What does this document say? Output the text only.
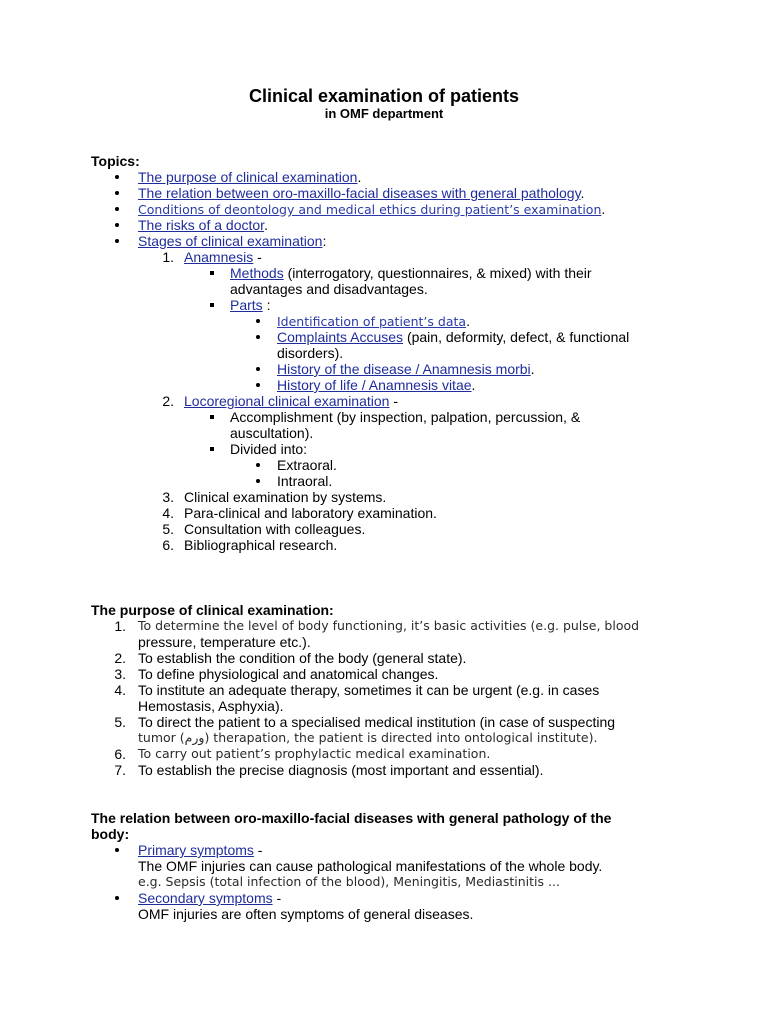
Clinical examination of patients
in OMF department
Topics:
The purpose of clinical examination.
The relation between oro-maxillo-facial diseases with general pathology.
Conditions of deontology and medical ethics during patient’s examination.
The risks of a doctor.
Stages of clinical examination:
1. Anamnesis -
Methods (interrogatory, questionnaires, & mixed) with their
advantages and disadvantages.
Parts :
Identification of patient’s data.
Complaints Accuses (pain, deformity, defect, & functional
disorders).
History of the disease / Anamnesis morbi.
History of life / Anamnesis vitae.
2. Locoregional clinical examination -
Accomplishment (by inspection, palpation, percussion, &
auscultation).
Divided into:
Extraoral.
Intraoral.
3. Clinical examination by systems.
4. Para-clinical and laboratory examination.
5. Consultation with colleagues.
6. Bibliographical research.
The purpose of clinical examination:
1. To determine the level of body functioning, it’s basic activities (e.g. pulse, blood
pressure, temperature etc.).
2. To establish the condition of the body (general state).
3. To define physiological and anatomical changes.
4. To institute an adequate therapy, sometimes it can be urgent (e.g. in cases
Hemostasis, Asphyxia).
5. To direct the patient to a specialised medical institution (in case of suspecting
tumor (ورم) therapation, the patient is directed into ontological institute).
6. To carry out patient’s prophylactic medical examination.
7. To establish the precise diagnosis (most important and essential).
The relation between oro-maxillo-facial diseases with general pathology of the
body:
Primary symptoms -
The OMF injuries can cause pathological manifestations of the whole body.
e.g. Sepsis (total infection of the blood), Meningitis, Mediastinitis ...
Secondary symptoms -
OMF injuries are often symptoms of general diseases.
